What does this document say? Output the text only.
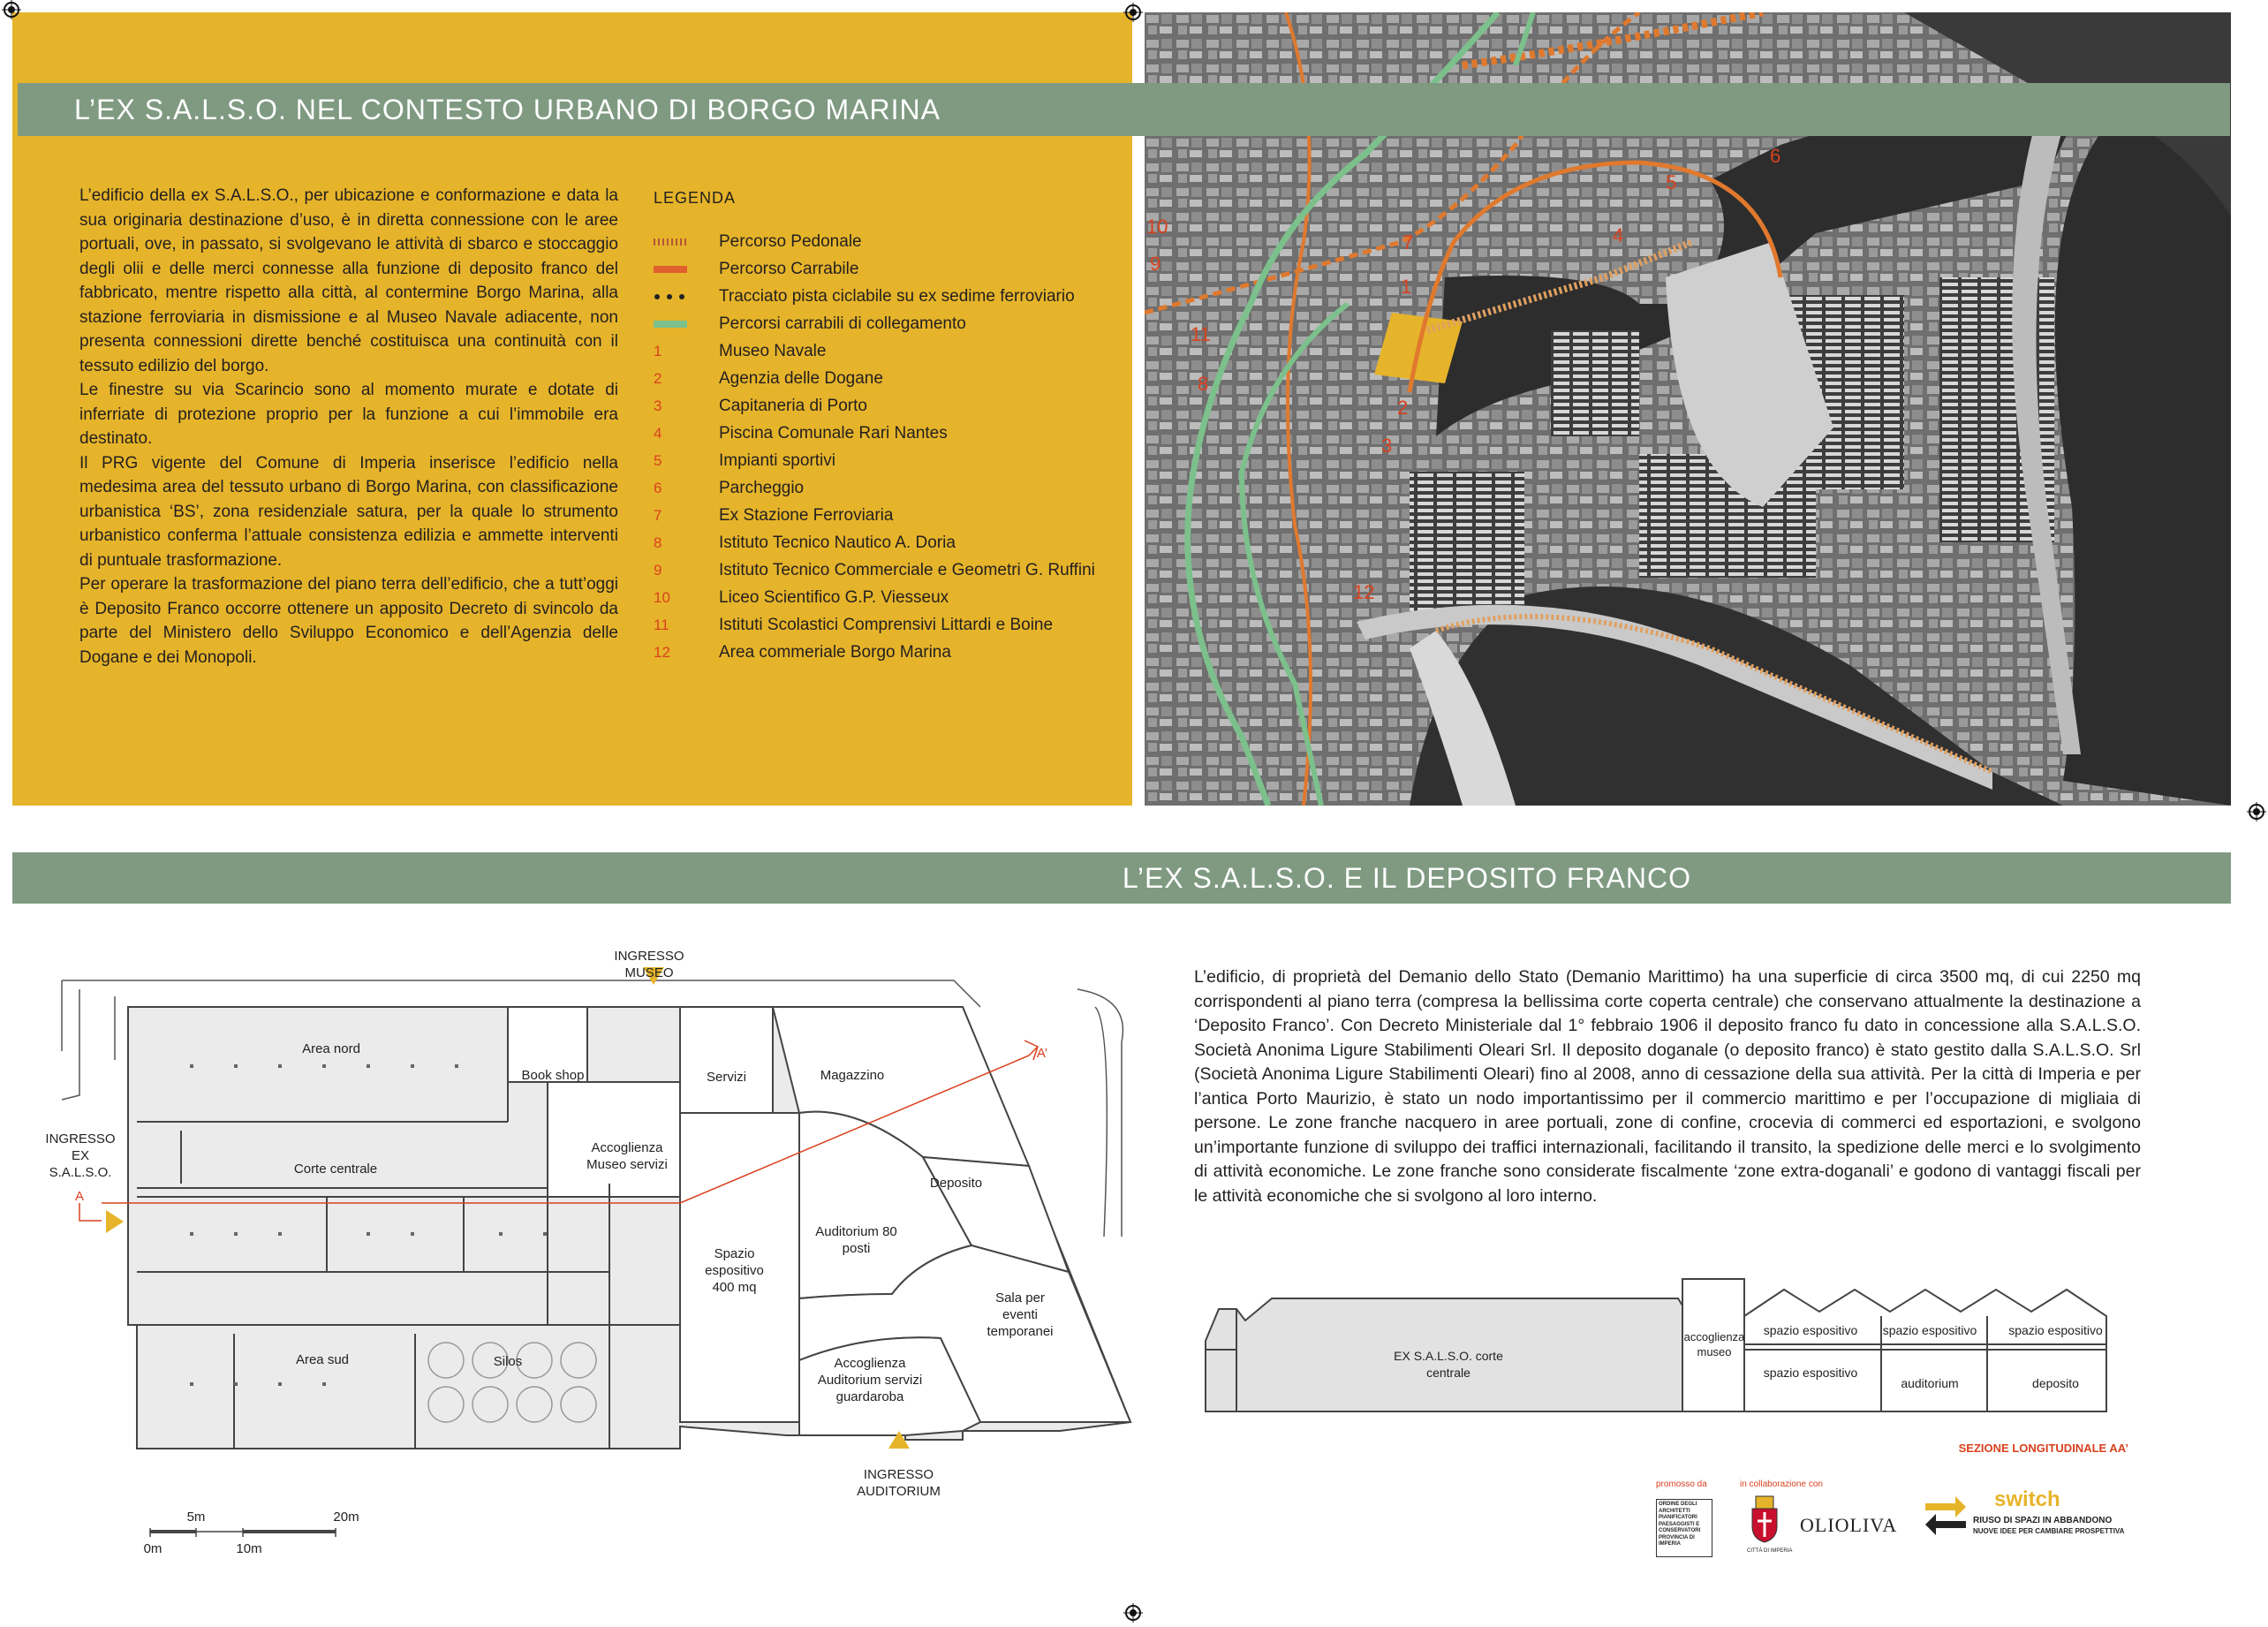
1
2
3
4
5
6
7
8
9
10
11
12
L’EX S.A.L.S.O. NEL CONTESTO URBANO DI BORGO MARINA

L’edificio della ex S.A.L.S.O., per ubicazione e conformazione e data la sua originaria destinazione d’uso, è in diretta connessione con le aree portuali, ove, in passato, si svolgevano le attività di sbarco e stoccaggio degli olii e delle merci connesse alla funzione di deposito franco del fabbricato, mentre rispetto alla città, al contermine Borgo Marina, alla stazione ferroviaria in dismissione e al Museo Navale adiacente, non presenta connessioni dirette benché costituisca una continuità con il tessuto edilizio del borgo.

Le finestre su via Scarincio sono al momento murate e dotate di inferriate di protezione proprio per la funzione a cui l’immobile era destinato.

Il PRG vigente del Comune di Imperia inserisce l’edificio nella medesima area del tessuto urbano di Borgo Marina, con classificazione urbanistica ‘BS’, zona residenziale satura, per la quale lo strumento urbanistico conferma l’attuale consistenza edilizia e ammette interventi di puntuale trasformazione.

Per operare la trasformazione del piano terra dell’edificio, che a tutt’oggi è Deposito Franco occorre ottenere un apposito Decreto di svincolo da parte del Ministero dello Sviluppo Economico e dell’Agenzia delle Dogane e dei Monopoli.

LEGENDA
Percorso Pedonale
Percorso Carrabile
Tracciato pista ciclabile su ex sedime ferroviario
Percorsi carrabili di collegamento
1	Museo Navale
2	Agenzia delle Dogane
3	Capitaneria di Porto
4	Piscina Comunale Rari Nantes
5	Impianti sportivi
6	Parcheggio
7	Ex Stazione Ferroviaria
8	Istituto Tecnico Nautico A. Doria
9	Istituto Tecnico Commerciale e Geometri G. Ruffini
10	Liceo Scientifico G.P. Viesseux
11	Istituti Scolastici Comprensivi Littardi e Boine
12	Area commeriale Borgo Marina
L’EX S.A.L.S.O. E IL DEPOSITO FRANCO

L’edificio, di proprietà del Demanio dello Stato (Demanio Marittimo) ha una superficie di circa 3500 mq, di cui 2250 mq corrispondenti al piano terra (compresa la bellissima corte coperta centrale) che conservano attualmente la destinazione a ‘Deposito Franco’. Con Decreto Ministeriale dal 1° febbraio 1906 il deposito franco fu dato in concessione alla S.A.L.S.O. Società Anonima Ligure Stabilimenti Oleari Srl. Il deposito doganale (o deposito franco) è stato gestito dalla S.A.L.S.O. Srl (Società Anonima Ligure Stabilimenti Oleari) fino al 2008, anno di cessazione della sua attività. Per la città di Imperia e per l’antica Porto Maurizio, è stato un nodo importantissimo per il commercio marittimo e per l’occupazione di migliaia di persone. Le zone franche nacquero in aree portuali, zone di confine, crocevia di commerci ed esportazioni, e svolgono un’importante funzione di sviluppo dei traffici internazionali, facilitando il transito, la spedizione delle merci e lo svolgimento di attività economiche. Le zone franche sono considerate fiscalmente ‘zone extra-doganali’ e godono di vantaggi fiscali per le attività economiche che si svolgono al loro interno.

INGRESSO MUSEO
INGRESSO EX S.A.L.S.O.
INGRESSO AUDITORIUM
A
A’
Area nord
Book shop	Servizi	Magazzino
Corte centrale
Accoglienza Museo servizi
Deposito
Auditorium 80 posti
Spazio espositivo 400 mq
Sala per eventi temporanei
Area sud	Silos	Accoglienza Auditorium servizi guardaroba
0m
5m
10m
20m
EX S.A.L.S.O. corte centrale
accoglienza museo
spazio espositivo
spazio espositivo
spazio espositivo
auditorium
spazio espositivo
deposito
SEZIONE LONGITUDINALE AA’
promosso da	in collaborazione con
ORDINE DEGLI ARCHITETTI PIANIFICATORI PAESAGGISTI E CONSERVATORI PROVINCIA DI IMPERIA
CITTÀ DI IMPERIA
OLIOLIVA
switch
RIUSO DI SPAZI IN ABBANDONO
NUOVE IDEE PER CAMBIARE PROSPETTIVA
